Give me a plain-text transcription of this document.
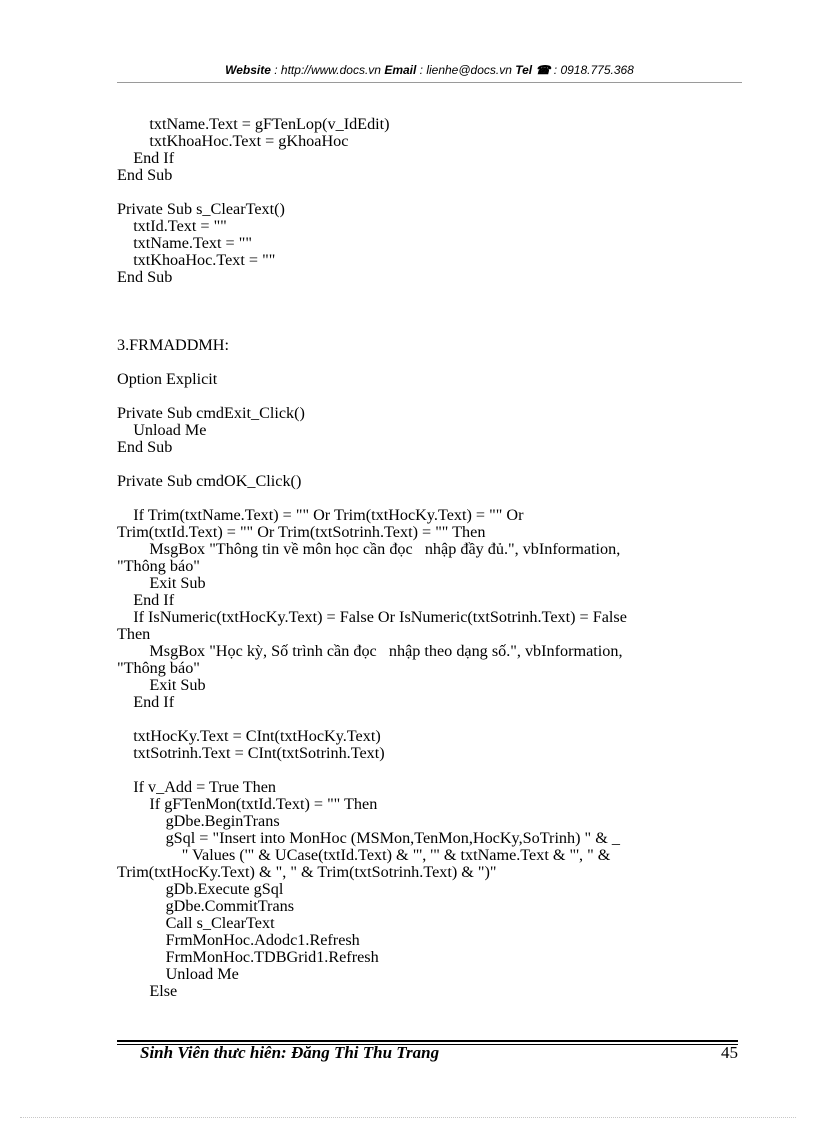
Website : http://www.docs.vn Email : lienhe@docs.vn Tel ☎ : 0918.775.368
txtName.Text = gFTenLop(v_IdEdit)
txtKhoaHoc.Text = gKhoaHoc
End If
End Sub
Private Sub s_ClearText()
txtId.Text = ""
txtName.Text = ""
txtKhoaHoc.Text = ""
End Sub
3.FRMADDMH:
Option Explicit
Private Sub cmdExit_Click()
Unload Me
End Sub
Private Sub cmdOK_Click()
If Trim(txtName.Text) = "" Or Trim(txtHocKy.Text) = "" Or
Trim(txtId.Text) = "" Or Trim(txtSotrinh.Text) = "" Then
MsgBox "Thông tin về môn học cần đọc   nhập đầy đủ.", vbInformation,
"Thông báo"
Exit Sub
End If
If IsNumeric(txtHocKy.Text) = False Or IsNumeric(txtSotrinh.Text) = False
Then
MsgBox "Học kỳ, Số trình cần đọc   nhập theo dạng số.", vbInformation,
"Thông báo"
Exit Sub
End If
txtHocKy.Text = CInt(txtHocKy.Text)
txtSotrinh.Text = CInt(txtSotrinh.Text)
If v_Add = True Then
If gFTenMon(txtId.Text) = "" Then
gDbe.BeginTrans
gSql = "Insert into MonHoc (MSMon,TenMon,HocKy,SoTrinh) " & _
" Values ('" & UCase(txtId.Text) & "', '" & txtName.Text & "', " &
Trim(txtHocKy.Text) & ", " & Trim(txtSotrinh.Text) & ")"
gDb.Execute gSql
gDbe.CommitTrans
Call s_ClearText
FrmMonHoc.Adodc1.Refresh
FrmMonHoc.TDBGrid1.Refresh
Unload Me
Else
Sinh Viên thưc hiên: Đăng Thi Thu Trang	45
